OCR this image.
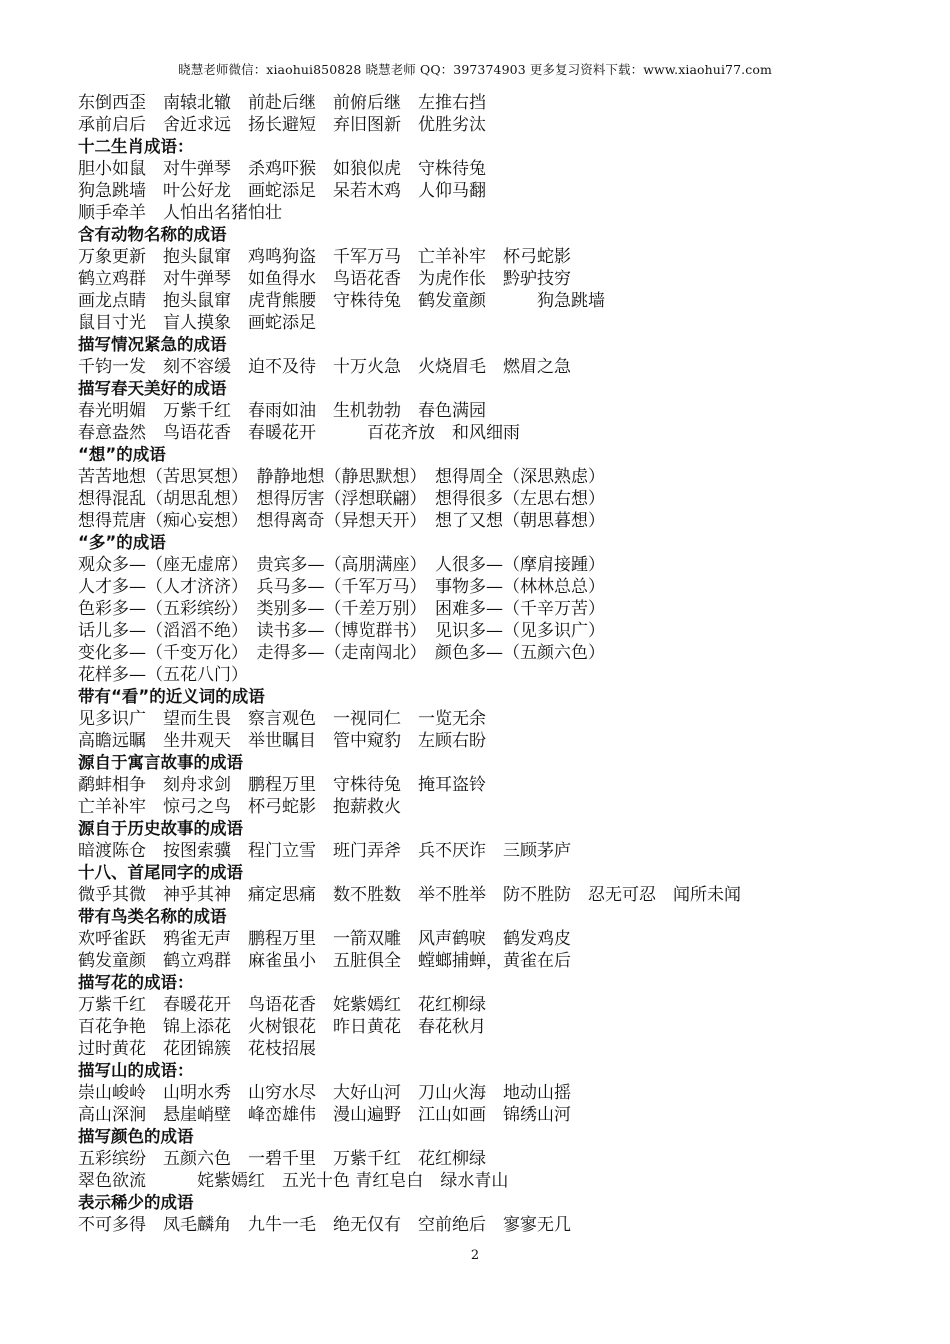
晓慧老师微信：xiaohui850828 晓慧老师 QQ：397374903 更多复习资料下载：www.xiaohui77.com
东倒西歪　南辕北辙　前赴后继　前俯后继　左推右挡
承前启后　舍近求远　扬长避短　弃旧图新　优胜劣汰
十二生肖成语：
胆小如鼠　对牛弹琴　杀鸡吓猴　如狼似虎　守株待兔
狗急跳墙　叶公好龙　画蛇添足　呆若木鸡　人仰马翻
顺手牵羊　人怕出名猪怕壮
含有动物名称的成语
万象更新　抱头鼠窜　鸡鸣狗盗　千军万马　亡羊补牢　杯弓蛇影
鹤立鸡群　对牛弹琴　如鱼得水　鸟语花香　为虎作伥　黔驴技穷
画龙点睛　抱头鼠窜　虎背熊腰　守株待兔　鹤发童颜　　　狗急跳墙
鼠目寸光　盲人摸象　画蛇添足
描写情况紧急的成语
千钧一发　刻不容缓　迫不及待　十万火急　火烧眉毛　燃眉之急
描写春天美好的成语
春光明媚　万紫千红　春雨如油　生机勃勃　春色满园
春意盎然　鸟语花香　春暖花开　　　百花齐放　和风细雨
“想”的成语
苦苦地想（苦思冥想）　静静地想（静思默想）　想得周全（深思熟虑）
想得混乱（胡思乱想）　想得厉害（浮想联翩）　想得很多（左思右想）
想得荒唐（痴心妄想）　想得离奇（异想天开）　想了又想（朝思暮想）
“多”的成语
观众多—（座无虚席）　贵宾多—（高朋满座）　人很多—（摩肩接踵）
人才多—（人才济济）　兵马多—（千军万马）　事物多—（林林总总）
色彩多—（五彩缤纷）　类别多—（千差万别）　困难多—（千辛万苦）
话儿多—（滔滔不绝）　读书多—（博览群书）　见识多—（见多识广）
变化多—（千变万化）　走得多—（走南闯北）　颜色多—（五颜六色）
花样多—（五花八门）
带有“看”的近义词的成语
见多识广　望而生畏　察言观色　一视同仁　一览无余
高瞻远瞩　坐井观天　举世瞩目　管中窥豹　左顾右盼
源自于寓言故事的成语
鹬蚌相争　刻舟求剑　鹏程万里　守株待兔　掩耳盗铃
亡羊补牢　惊弓之鸟　杯弓蛇影　抱薪救火
源自于历史故事的成语
暗渡陈仓　按图索骥　程门立雪　班门弄斧　兵不厌诈　三顾茅庐
十八、首尾同字的成语
微乎其微　神乎其神　痛定思痛　数不胜数　举不胜举　防不胜防　忍无可忍　闻所未闻
带有鸟类名称的成语
欢呼雀跃　鸦雀无声　鹏程万里　一箭双雕　风声鹤唳　鹤发鸡皮
鹤发童颜　鹤立鸡群　麻雀虽小　五脏俱全　螳螂捕蝉，黄雀在后
描写花的成语：
万紫千红　春暖花开　鸟语花香　姹紫嫣红　花红柳绿
百花争艳　锦上添花　火树银花　昨日黄花　春花秋月
过时黄花　花团锦簇　花枝招展
描写山的成语：
崇山峻岭　山明水秀　山穷水尽　大好山河　刀山火海　地动山摇
高山深涧　悬崖峭壁　峰峦雄伟　漫山遍野　江山如画　锦绣山河
描写颜色的成语
五彩缤纷　五颜六色　一碧千里　万紫千红　花红柳绿
翠色欲流　　　姹紫嫣红　五光十色 青红皂白　绿水青山
表示稀少的成语
不可多得　凤毛麟角　九牛一毛　绝无仅有　空前绝后　寥寥无几
2
